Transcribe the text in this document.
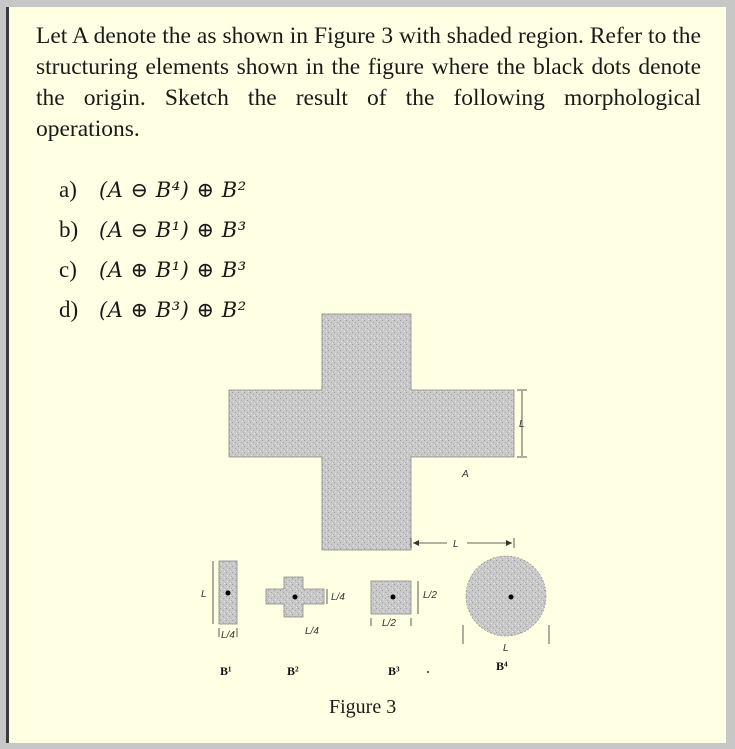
Let A denote the as shown in Figure 3 with shaded region. Refer to the structuring elements shown in the figure where the black dots denote the origin. Sketch the result of the following morphological operations.

a)	(A ⊖ B⁴) ⊕ B²
b) (A ⊖ B¹) ⊕ B³
c)	(A ⊕ B¹) ⊕ B³
d) (A ⊕ B³) ⊕ B²
L
A
L
L
L/4
B¹
L/4
L/4
B²
L/2
L/2
B³
L
B⁴
Figure 3
